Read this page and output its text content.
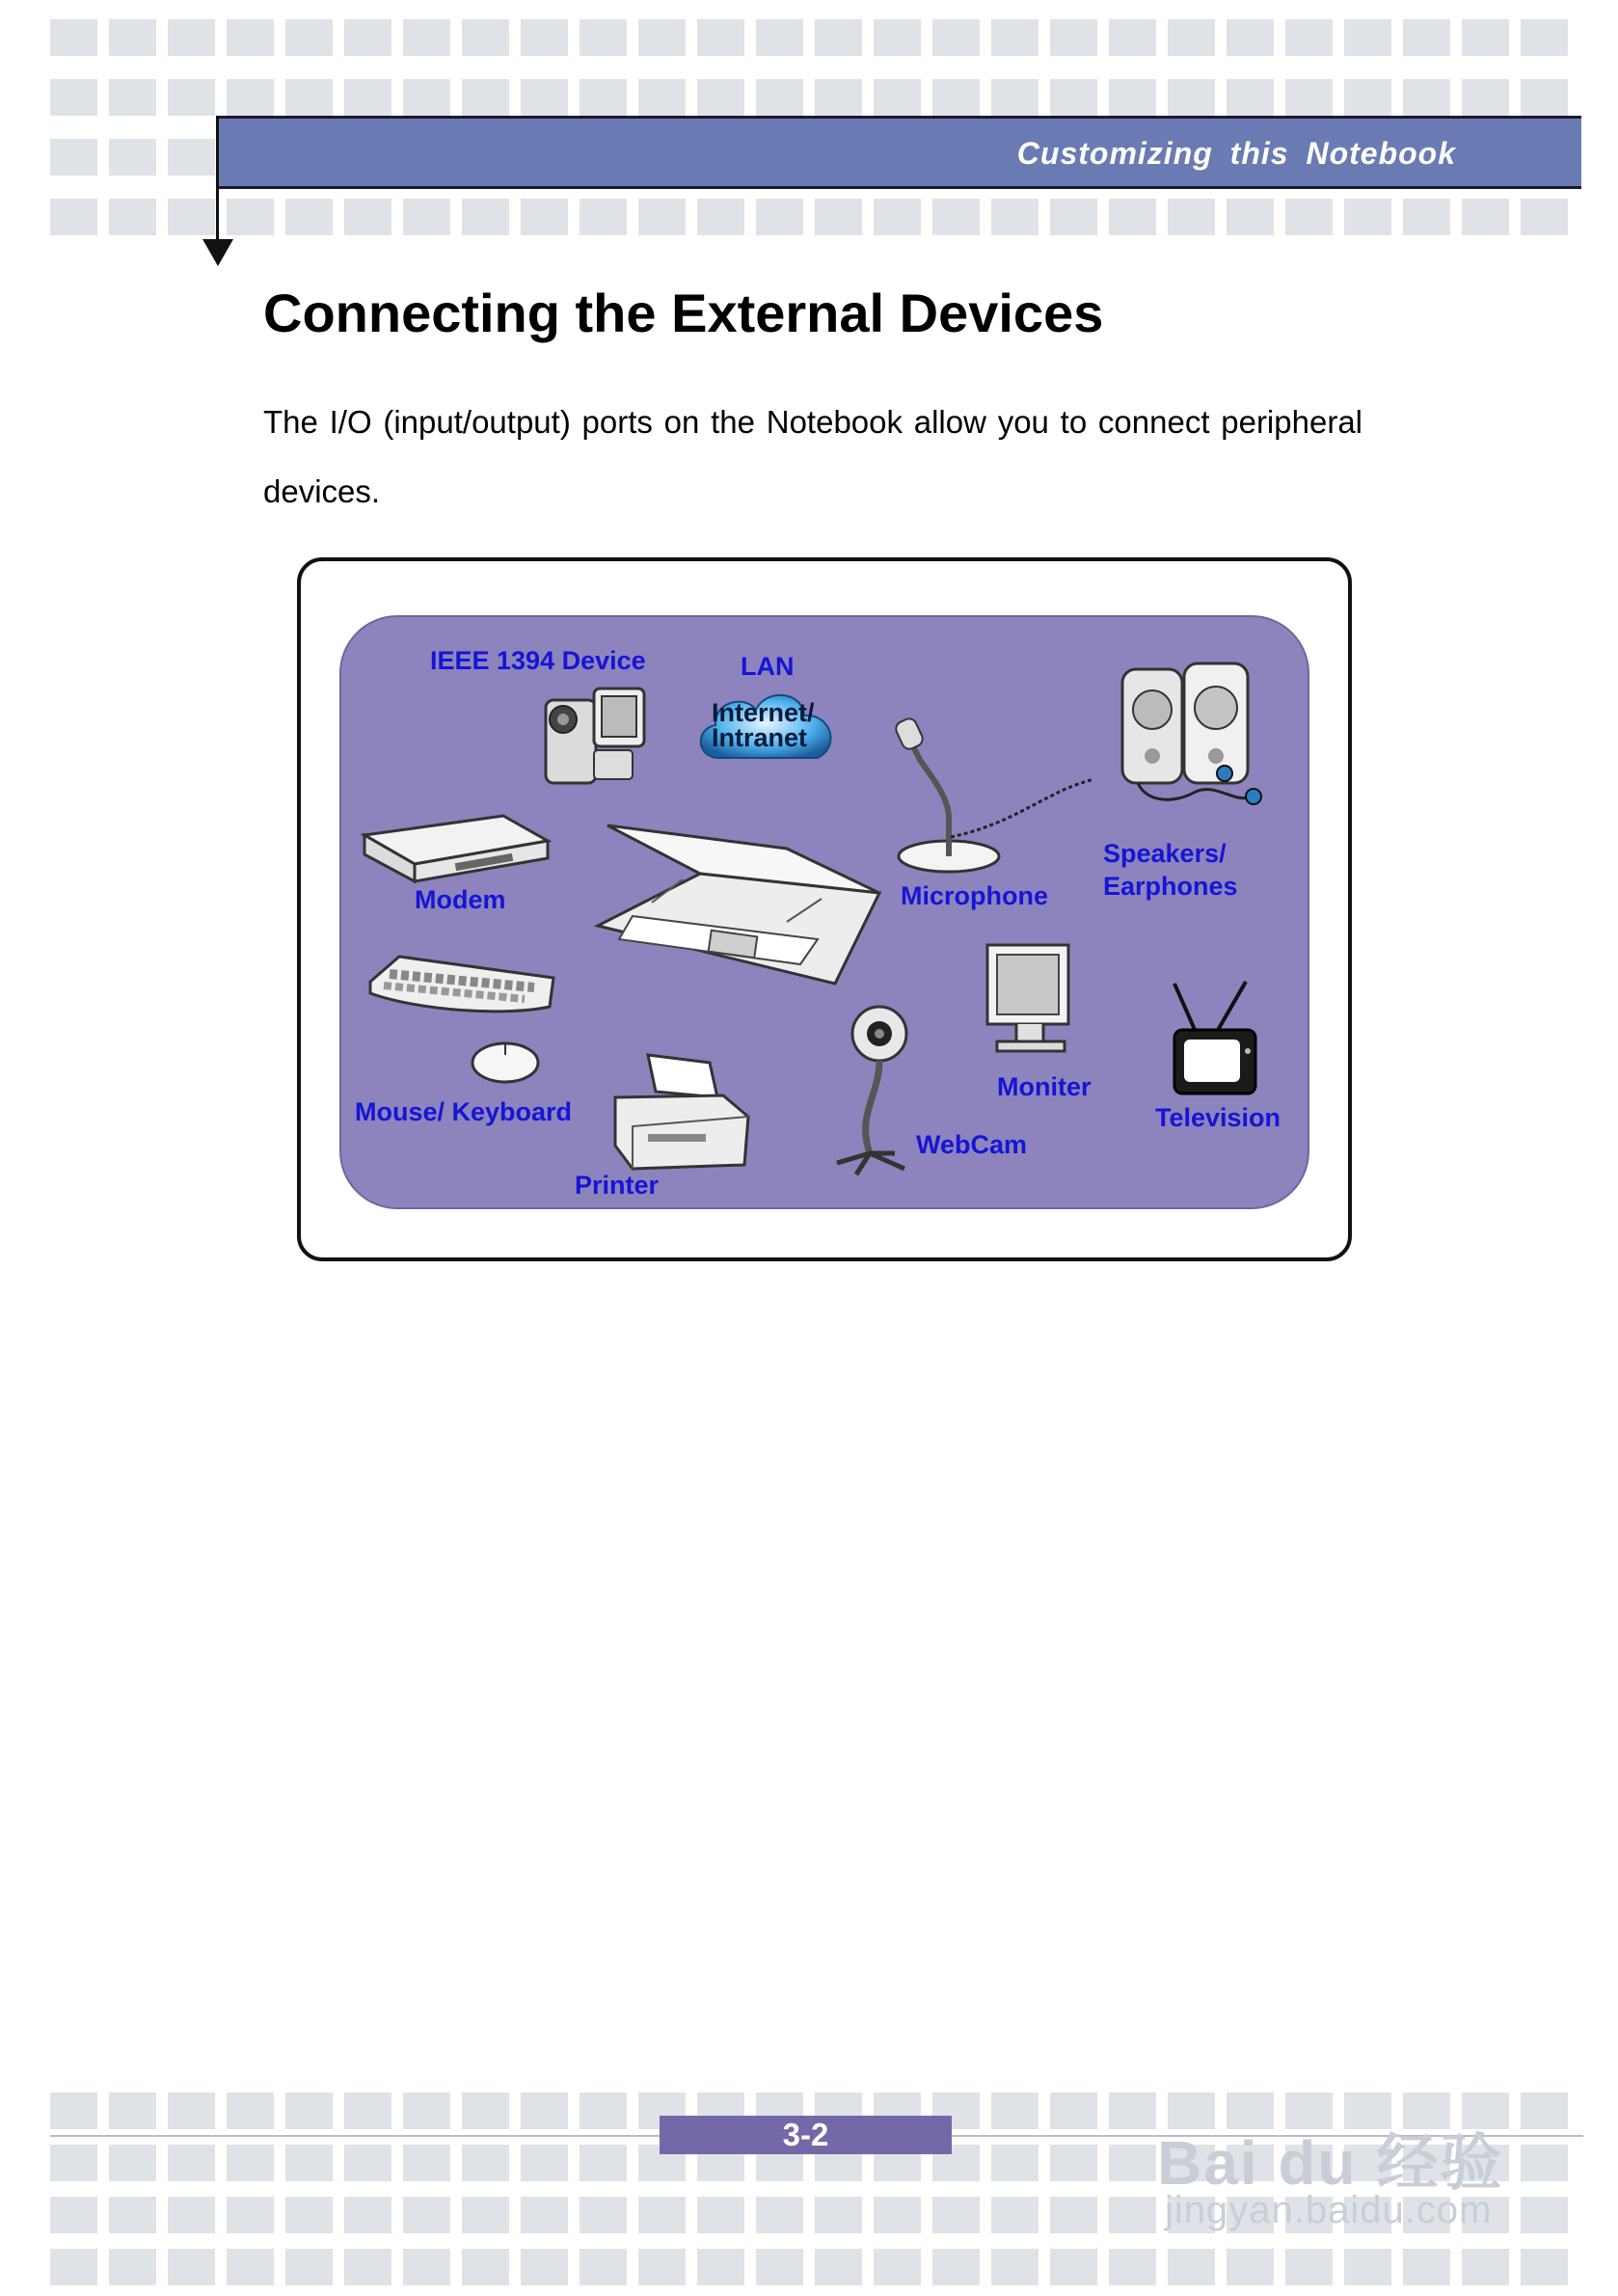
Customizing this Notebook
Connecting the External Devices

The I/O (input/output) ports on the Notebook allow you to connect peripheral devices.

IEEE 1394 Device	LAN
Speakers/
Earphones
Modem	Microphone
Mouse/ Keyboard
Moniter
Television
WebCam
Printer
Internet/
Intranet
3-2	Bai du 经验
jingyan.baidu.com
